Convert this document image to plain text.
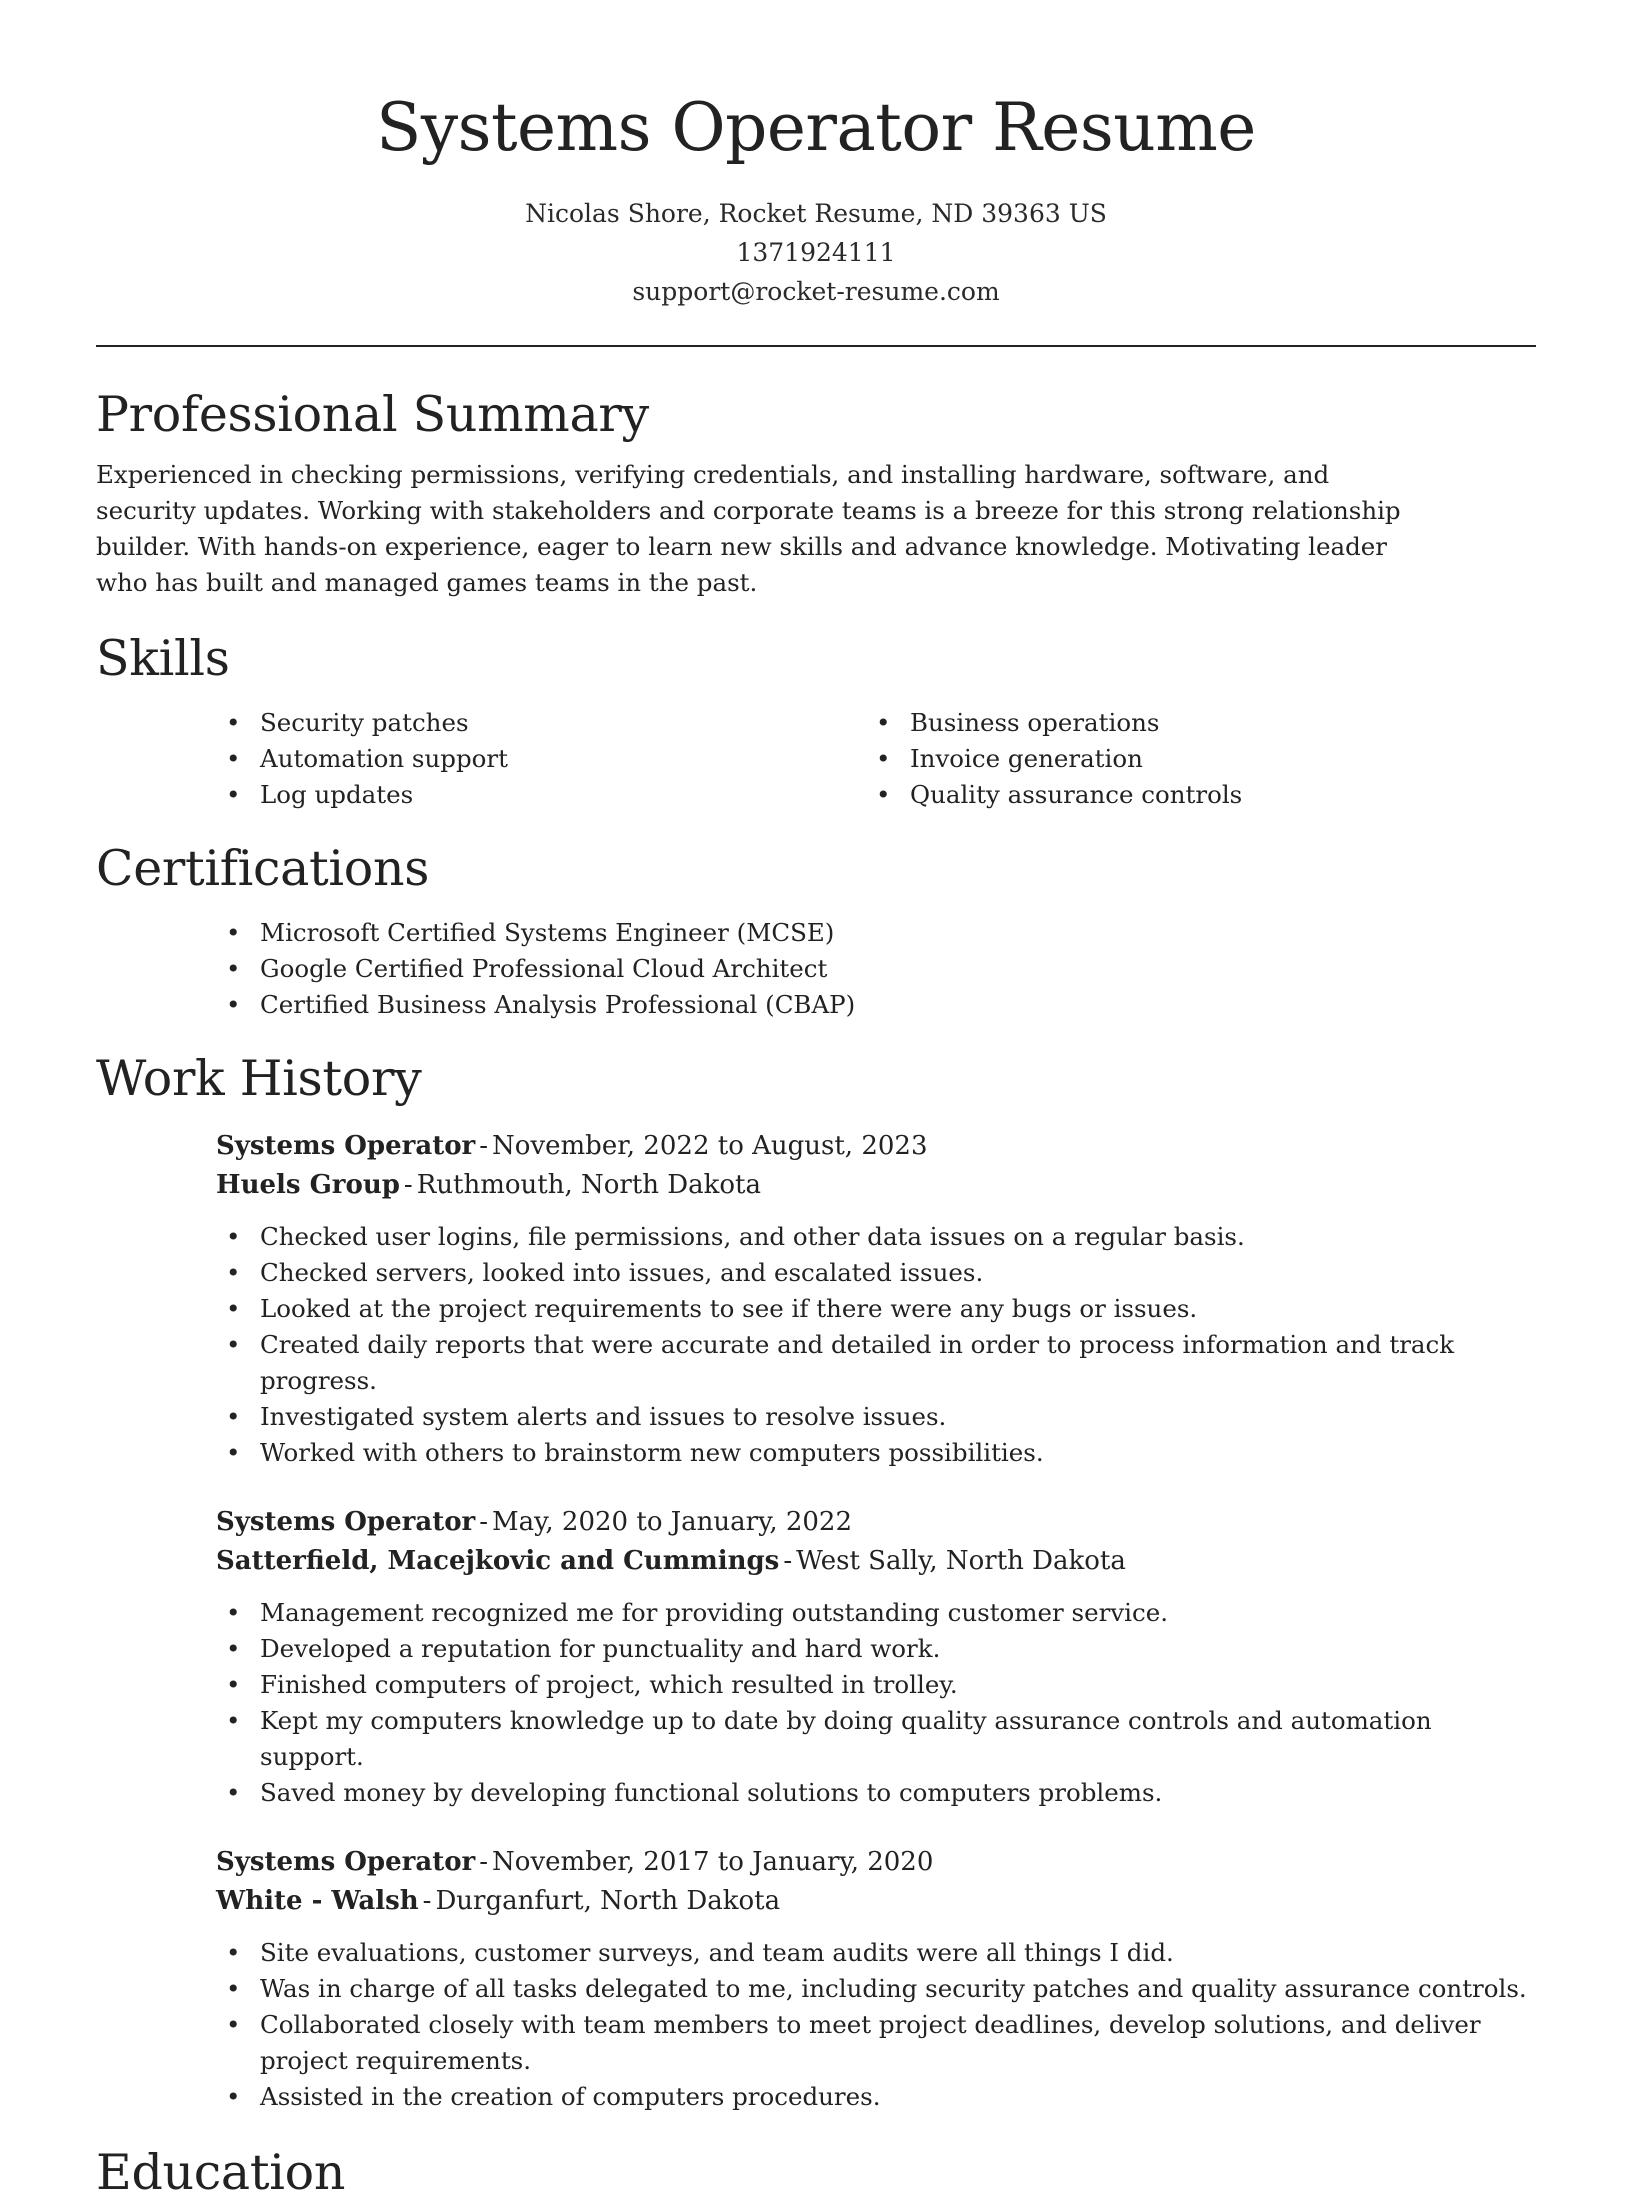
Systems Operator Resume
Nicolas Shore, Rocket Resume, ND 39363 US
1371924111
support@rocket-resume.com
Professional Summary

Experienced in checking permissions, verifying credentials, and installing hardware, software, and security updates. Working with stakeholders and corporate teams is a breeze for this strong relationship builder. With hands-on experience, eager to learn new skills and advance knowledge. Motivating leader who has built and managed games teams in the past.

Skills
• Security patches
• Automation support
• Log updates
• Business operations
• Invoice generation
• Quality assurance controls
Certifications
• Microsoft Certified Systems Engineer (MCSE)
• Google Certified Professional Cloud Architect
• Certified Business Analysis Professional (CBAP)
Work History
Systems Operator - November, 2022 to August, 2023
Huels Group - Ruthmouth, North Dakota
• Checked user logins, file permissions, and other data issues on a regular basis.
• Checked servers, looked into issues, and escalated issues.
• Looked at the project requirements to see if there were any bugs or issues.
• Created daily reports that were accurate and detailed in order to process information and track progress.
• Investigated system alerts and issues to resolve issues.
• Worked with others to brainstorm new computers possibilities.
Systems Operator - May, 2020 to January, 2022
Satterfield, Macejkovic and Cummings - West Sally, North Dakota
• Management recognized me for providing outstanding customer service.
• Developed a reputation for punctuality and hard work.
• Finished computers of project, which resulted in trolley.
• Kept my computers knowledge up to date by doing quality assurance controls and automation support.
• Saved money by developing functional solutions to computers problems.
Systems Operator - November, 2017 to January, 2020
White - Walsh - Durganfurt, North Dakota
• Site evaluations, customer surveys, and team audits were all things I did.
• Was in charge of all tasks delegated to me, including security patches and quality assurance controls.
• Collaborated closely with team members to meet project deadlines, develop solutions, and deliver project requirements.
• Assisted in the creation of computers procedures.
Education
